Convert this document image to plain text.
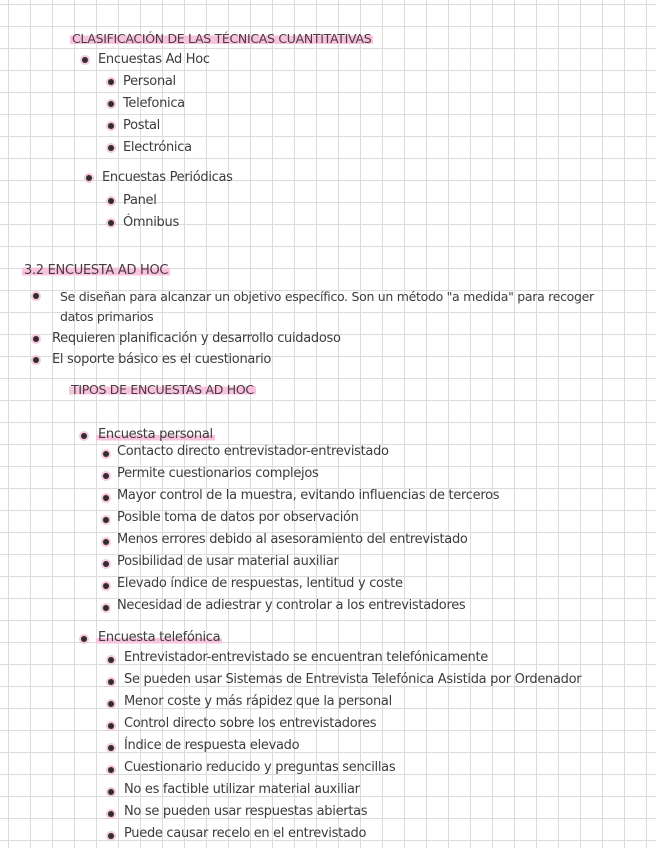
CLASIFICACIÓN DE LAS TÉCNICAS CUANTITATIVAS
Encuestas Ad Hoc
Personal
Telefonica
Postal
Electrónica
Encuestas Periódicas
Panel
Ómnibus
3.2 ENCUESTA AD HOC
Se diseñan para alcanzar un objetivo específico. Son un método "a medida" para recoger datos primarios
Requieren planificación y desarrollo cuidadoso
El soporte básico es el cuestionario
TIPOS DE ENCUESTAS AD HOC
Encuesta personal
Contacto directo entrevistador-entrevistado
Permite cuestionarios complejos
Mayor control de la muestra, evitando influencias de terceros
Posible toma de datos por observación
Menos errores debido al asesoramiento del entrevistado
Posibilidad de usar material auxiliar
Elevado índice de respuestas, lentitud y coste
Necesidad de adiestrar y controlar a los entrevistadores
Encuesta telefónica
Entrevistador-entrevistado se encuentran telefónicamente
Se pueden usar Sistemas de Entrevista Telefónica Asistida por Ordenador
Menor coste y más rápidez que la personal
Control directo sobre los entrevistadores
Índice de respuesta elevado
Cuestionario reducido y preguntas sencillas
No es factible utilizar material auxiliar
No se pueden usar respuestas abiertas
Puede causar recelo en el entrevistado
